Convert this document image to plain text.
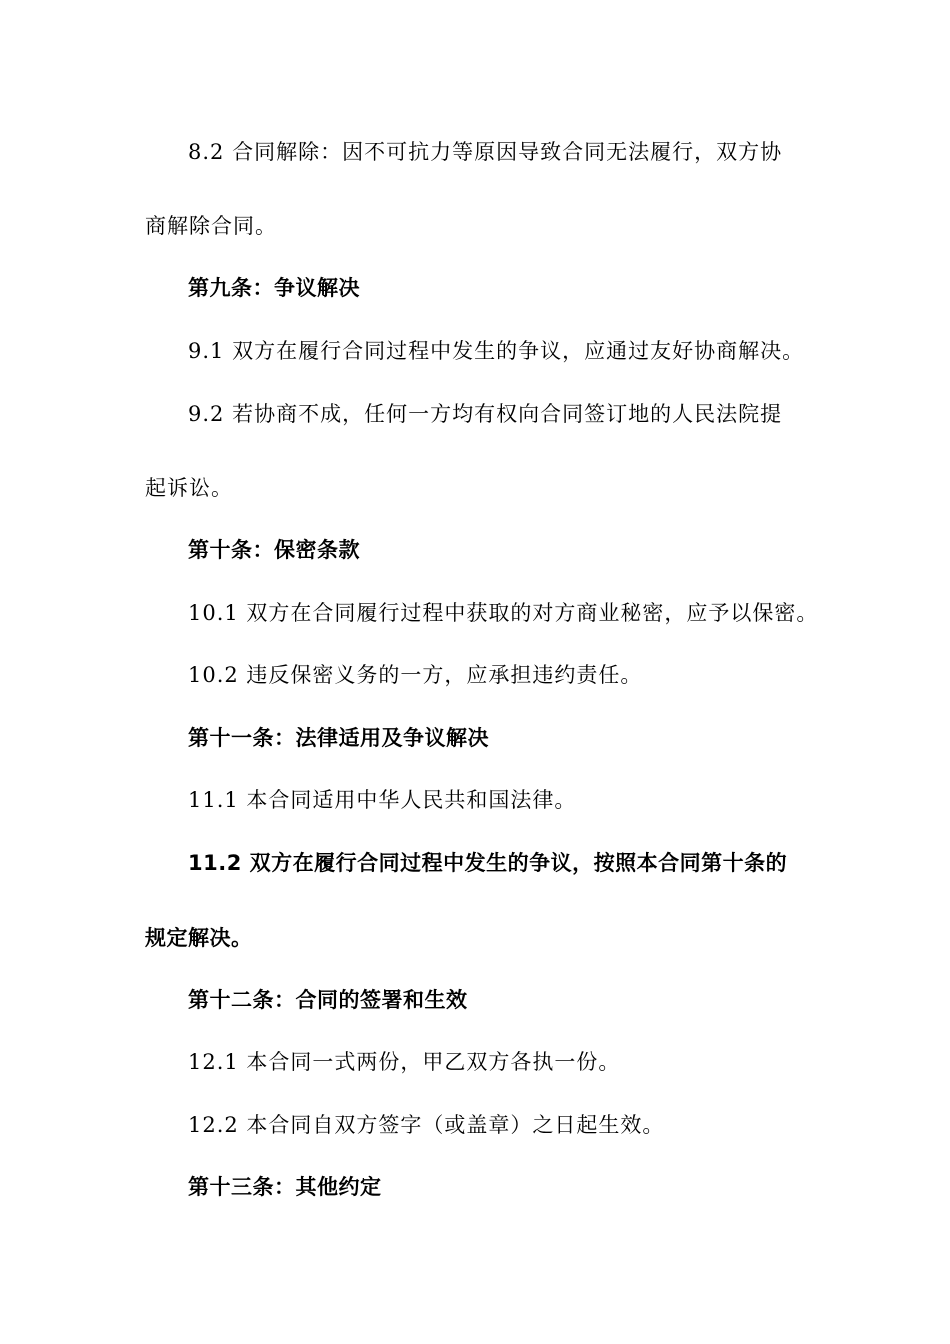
8.2 合同解除：因不可抗力等原因导致合同无法履行，双方协
商解除合同。
第九条：争议解决
9.1 双方在履行合同过程中发生的争议，应通过友好协商解决。
9.2 若协商不成，任何一方均有权向合同签订地的人民法院提
起诉讼。
第十条：保密条款
10.1 双方在合同履行过程中获取的对方商业秘密，应予以保密。
10.2 违反保密义务的一方，应承担违约责任。
第十一条：法律适用及争议解决
11.1 本合同适用中华人民共和国法律。
11.2 双方在履行合同过程中发生的争议，按照本合同第十条的
规定解决。
第十二条：合同的签署和生效
12.1 本合同一式两份，甲乙双方各执一份。
12.2 本合同自双方签字（或盖章）之日起生效。
第十三条：其他约定
